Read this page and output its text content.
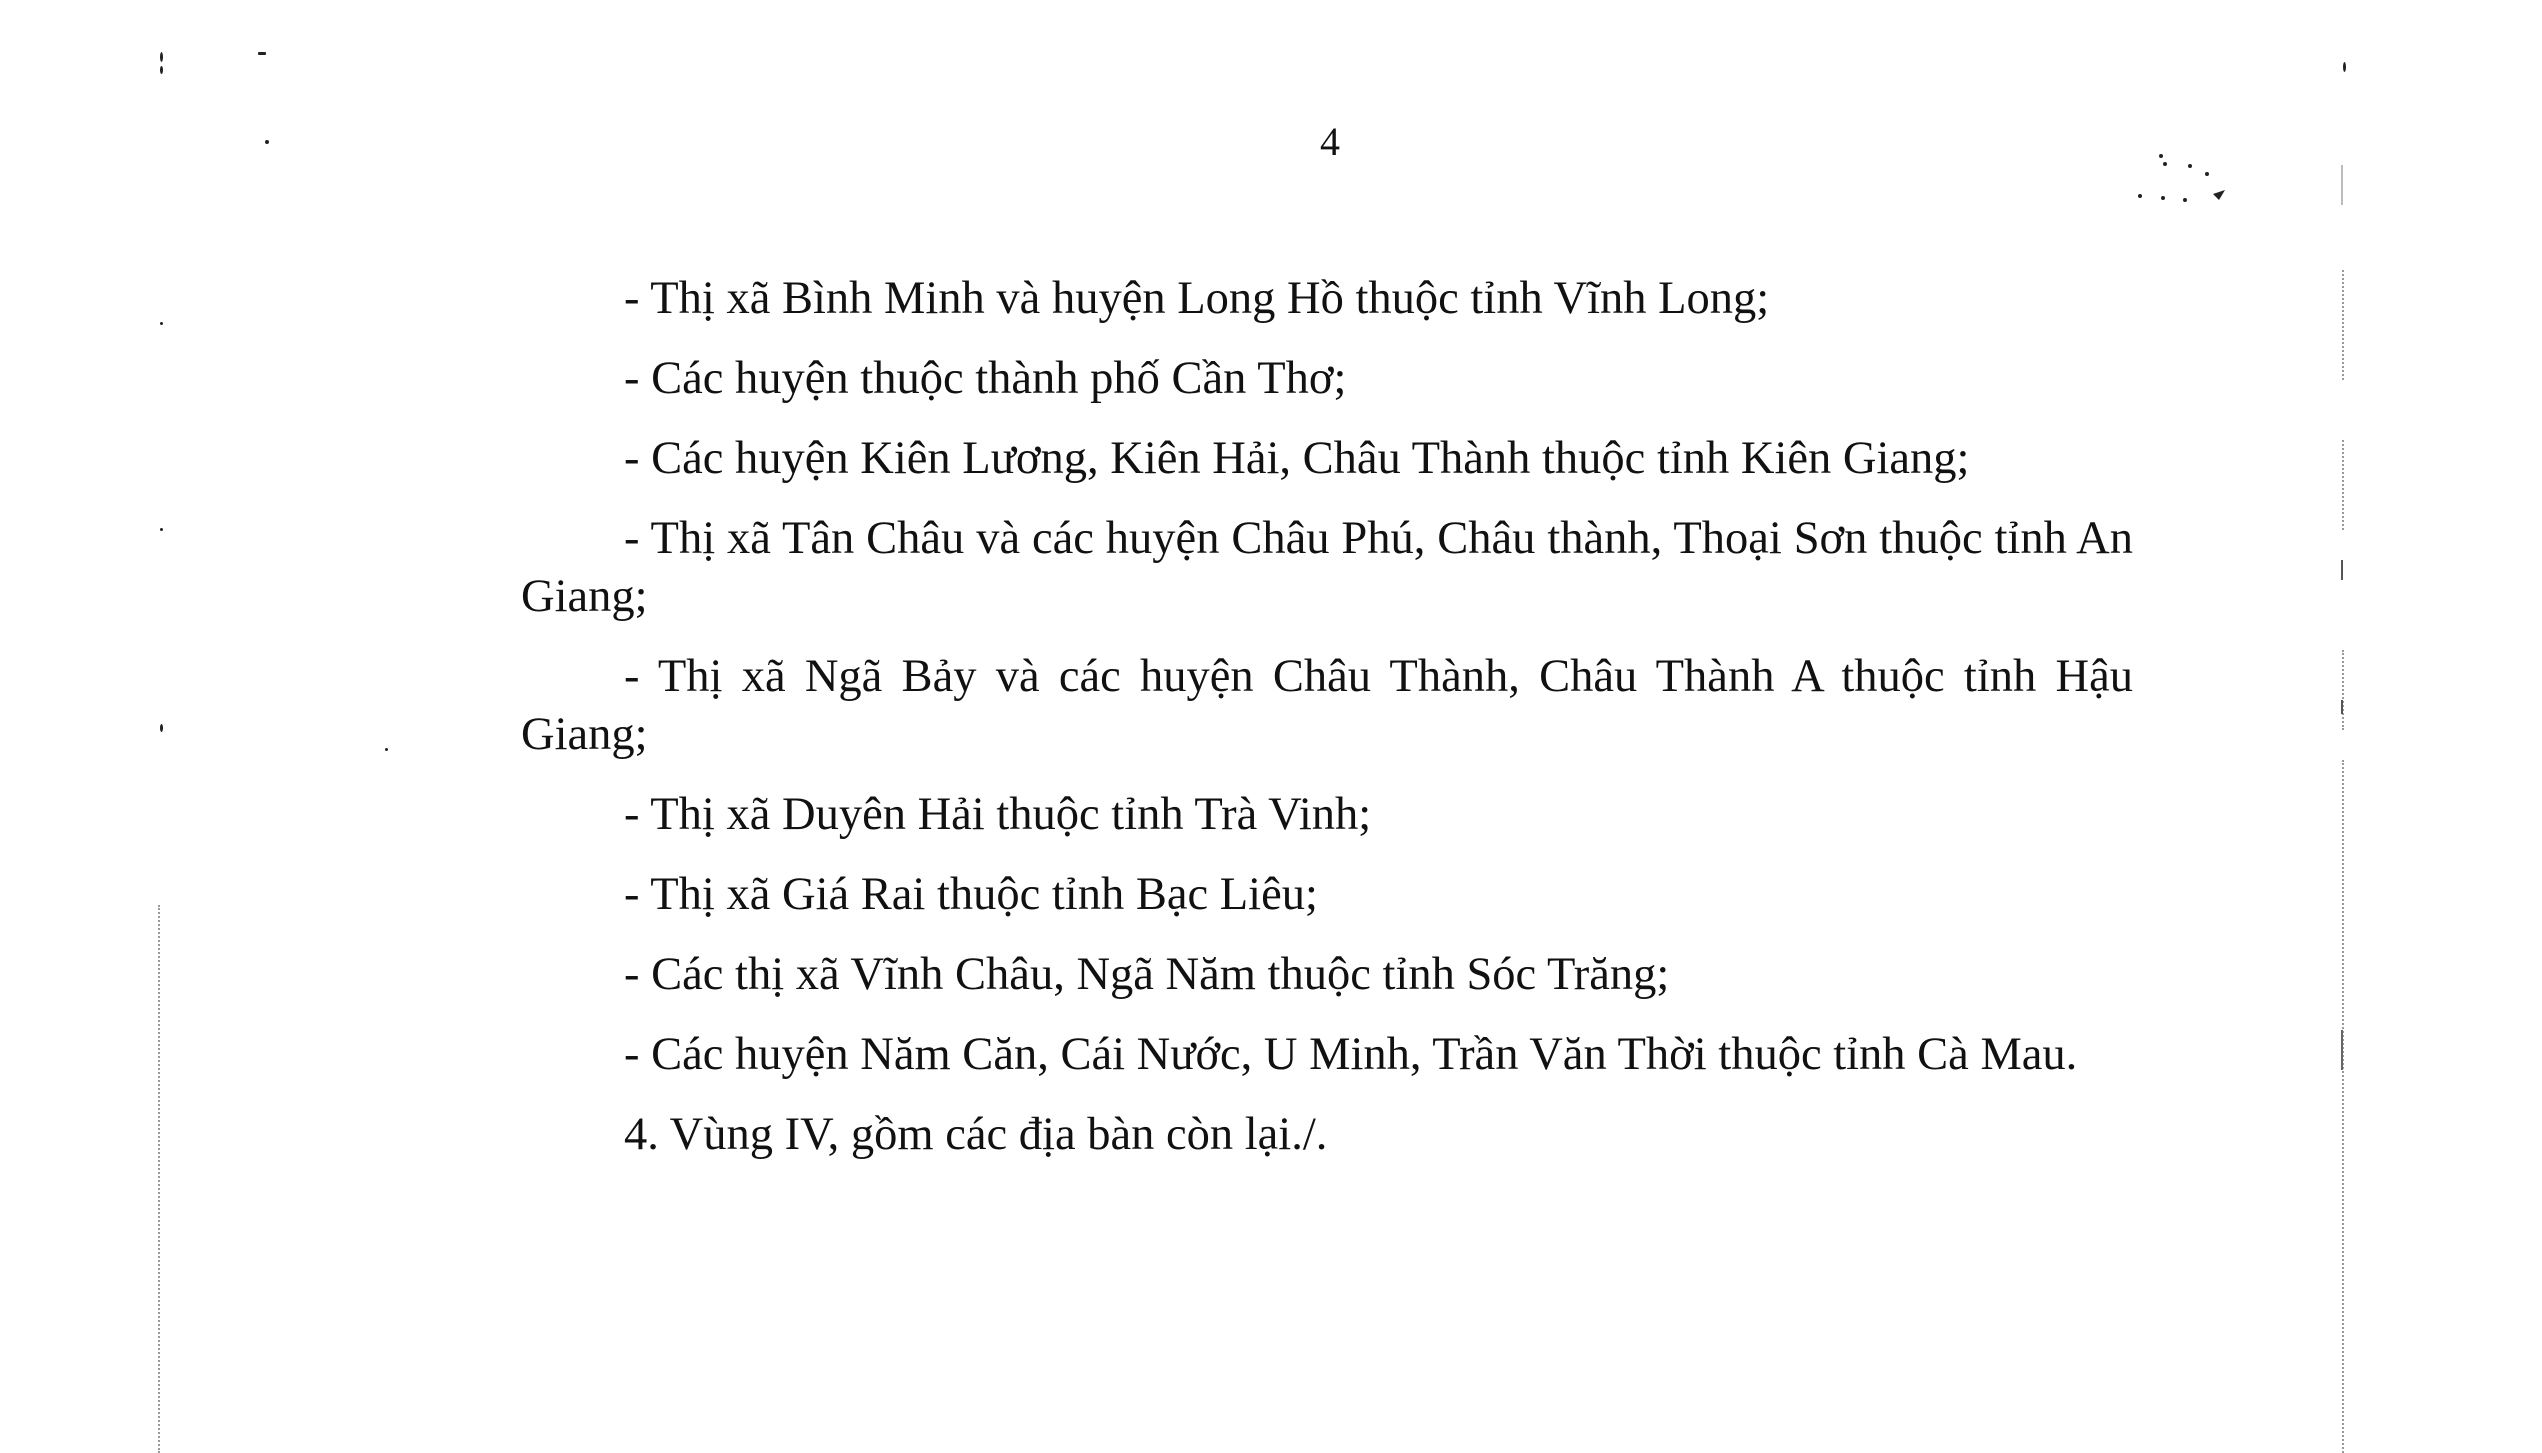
4

- Thị xã Bình Minh và huyện Long Hồ thuộc tỉnh Vĩnh Long;

- Các huyện thuộc thành phố Cần Thơ;

- Các huyện Kiên Lương, Kiên Hải, Châu Thành thuộc tỉnh Kiên Giang;

- Thị xã Tân Châu và các huyện Châu Phú, Châu thành, Thoại Sơn thuộc tỉnh An Giang;

- Thị xã Ngã Bảy và các huyện Châu Thành, Châu Thành A thuộc tỉnh Hậu Giang;

- Thị xã Duyên Hải thuộc tỉnh Trà Vinh;

- Thị xã Giá Rai thuộc tỉnh Bạc Liêu;

- Các thị xã Vĩnh Châu, Ngã Năm thuộc tỉnh Sóc Trăng;

- Các huyện Năm Căn, Cái Nước, U Minh, Trần Văn Thời thuộc tỉnh Cà Mau.

4. Vùng IV, gồm các địa bàn còn lại./.
